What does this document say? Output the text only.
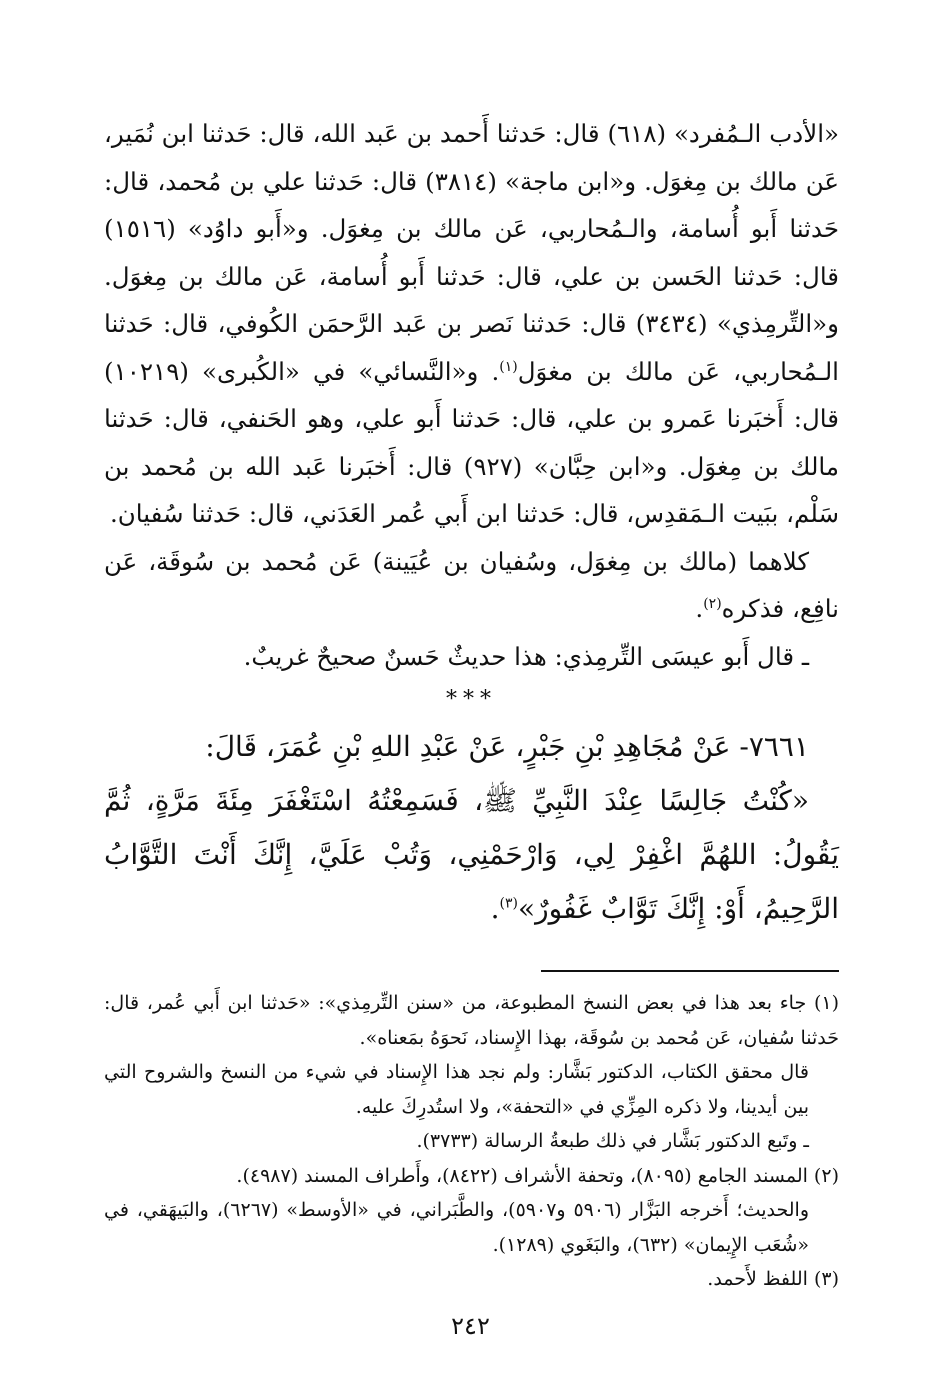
«الأدب الـمُفرد» (٦١٨) قال: حَدثنا أَحمد بن عَبد الله، قال: حَدثنا ابن نُمَير، عَن مالك بن مِغوَل. و«ابن ماجة» (٣٨١٤) قال: حَدثنا علي بن مُحمد، قال: حَدثنا أَبو أُسامة، والـمُحاربي، عَن مالك بن مِغوَل. و«أَبو داوُد» (١٥١٦) قال: حَدثنا الحَسن بن علي، قال: حَدثنا أَبو أُسامة، عَن مالك بن مِغوَل. و«التِّرمِذي» (٣٤٣٤) قال: حَدثنا نَصر بن عَبد الرَّحمَن الكُوفي، قال: حَدثنا الـمُحاربي، عَن مالك بن مغوَل$^{(١)}$. و«النَّسائي» في «الكُبرى» (١٠٢١٩) قال: أَخبَرنا عَمرو بن علي، قال: حَدثنا أَبو علي، وهو الحَنفي، قال: حَدثنا مالك بن مِغوَل. و«ابن حِبَّان» (٩٢٧) قال: أَخبَرنا عَبد الله بن مُحمد بن سَلْم، ببَيت الـمَقدِس، قال: حَدثنا ابن أَبي عُمر العَدَني، قال: حَدثنا سُفيان.

كلاهما (مالك بن مِغوَل، وسُفيان بن عُيَينة) عَن مُحمد بن سُوقَة، عَن نافِع، فذكره$^{(٢)}$.

ـ قال أَبو عيسَى التِّرمِذي: هذا حديثٌ حَسنٌ صحيحٌ غريبٌ.

***

٧٦٦١- عَنْ مُجَاهِدِ بْنِ جَبْرٍ، عَنْ عَبْدِ اللهِ بْنِ عُمَرَ، قَالَ:

«كُنْتُ جَالِسًا عِنْدَ النَّبِيِّ ﷺ، فَسَمِعْتُهُ اسْتَغْفَرَ مِئَةَ مَرَّةٍ، ثُمَّ يَقُولُ: اللهُمَّ اغْفِرْ لِي، وَارْحَمْنِي، وَتُبْ عَلَيَّ، إِنَّكَ أَنْتَ التَّوَّابُ الرَّحِيمُ، أَوْ: إِنَّكَ تَوَّابٌ غَفُورٌ»$^{(٣)}$.

(١) جاء بعد هذا في بعض النسخ المطبوعة، من «سنن التِّرمِذي»: «حَدثنا ابن أَبي عُمر، قال: حَدثنا سُفيان، عَن مُحمد بن سُوقَة، بهذا الإِسناد، نَحوَهُ بمَعناه».

قال محقق الكتاب، الدكتور بَشَّار: ولم نجد هذا الإِسناد في شيء من النسخ والشروح التي بين أيدينا، ولا ذكره المِزِّي في «التحفة»، ولا استُدرِكَ عليه.

ـ وتَبع الدكتور بَشَّار في ذلك طبعةُ الرسالة (٣٧٣٣).

(٢) المسند الجامع (٨٠٩٥)، وتحفة الأشراف (٨٤٢٢)، وأَطراف المسند (٤٩٨٧).

والحديث؛ أَخرجه البَزَّار (٥٩٠٦ و٥٩٠٧)، والطَّبَراني، في «الأوسط» (٦٢٦٧)، والبَيهَقي، في «شُعَب الإِيمان» (٦٣٢)، والبَغَوي (١٢٨٩).

(٣) اللفظ لأَحمد.

٢٤٢
